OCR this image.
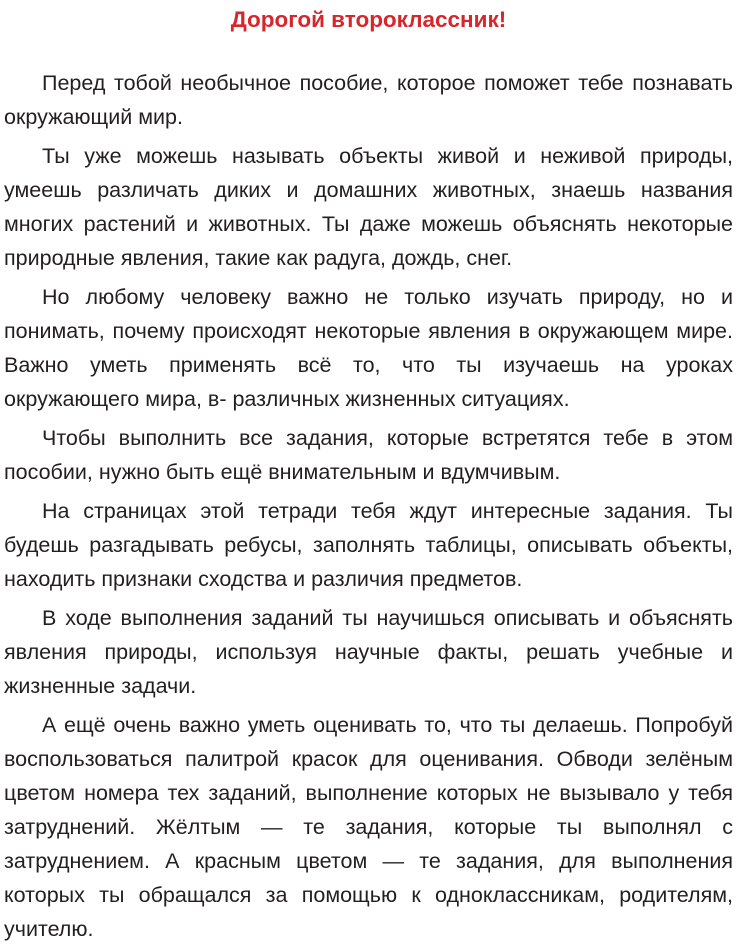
Дорогой второклассник!

Перед тобой необычное пособие, которое поможет тебе познавать окружающий мир.

Ты уже можешь называть объекты живой и неживой природы, умеешь различать диких и домашних животных, знаешь названия многих растений и животных. Ты даже можешь объяснять некоторые природные явления, такие как радуга, дождь, снег.

Но любому человеку важно не только изучать природу, но и понимать, почему происходят некоторые явления в окружающем мире. Важно уметь применять всё то, что ты изучаешь на уроках окружающего мира, в- различных жизненных ситуациях.

Чтобы выполнить все задания, которые встретятся тебе в этом пособии, нужно быть ещё внимательным и вдумчивым.

На страницах этой тетради тебя ждут интересные задания. Ты будешь разгадывать ребусы, заполнять таблицы, описывать объекты, находить признаки сходства и различия предметов.

В ходе выполнения заданий ты научишься описывать и объяснять явления природы, используя научные факты, решать учебные и жизненные задачи.

А ещё очень важно уметь оценивать то, что ты делаешь. Попробуй воспользоваться палитрой красок для оценивания. Обводи зелёным цветом номера тех заданий, выполнение которых не вызывало у тебя затруднений. Жёлтым — те задания, которые ты выполнял с затруднением. А красным цветом — те задания, для выполнения которых ты обращался за помощью к одноклассникам, родителям, учителю.
